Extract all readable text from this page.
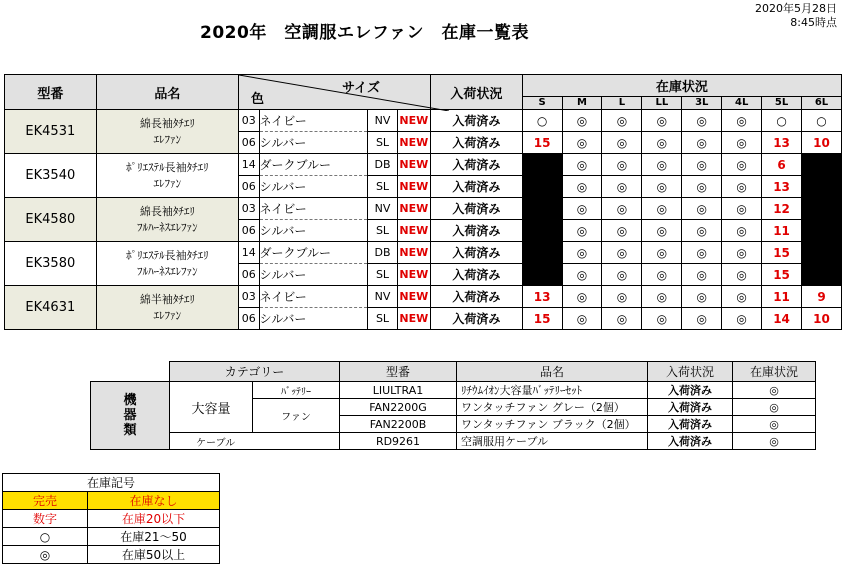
2020年5月28日
8:45時点
2020年　空調服エレファン　在庫一覧表
型番	品名	サイズ
色				入荷状況	在庫状況							
							S	M	L	LL	3L	4L	5L	6L
EK4531	綿長袖ﾀﾁｴﾘ
ｴﾚﾌｧﾝ	03	ネイビー	NV	NEW	入荷済み	○	◎	◎	◎	◎	◎	○	○
		06	シルバー	SL	NEW	入荷済み	15	◎	◎	◎	◎	◎	13	10
EK3540	ﾎﾟﾘｴｽﾃﾙ長袖ﾀﾁｴﾘ
ｴﾚﾌｧﾝ	14	ダークブルー	DB	NEW	入荷済み		◎	◎	◎	◎	◎	6	
		06	シルバー	SL	NEW	入荷済み		◎	◎	◎	◎	◎	13	
EK4580	綿長袖ﾀﾁｴﾘ
ﾌﾙﾊｰﾈｽｴﾚﾌｧﾝ	03	ネイビー	NV	NEW	入荷済み		◎	◎	◎	◎	◎	12	
		06	シルバー	SL	NEW	入荷済み		◎	◎	◎	◎	◎	11	
EK3580	ﾎﾟﾘｴｽﾃﾙ長袖ﾀﾁｴﾘ
ﾌﾙﾊｰﾈｽｴﾚﾌｧﾝ	14	ダークブルー	DB	NEW	入荷済み		◎	◎	◎	◎	◎	15	
		06	シルバー	SL	NEW	入荷済み		◎	◎	◎	◎	◎	15	
EK4631	綿半袖ﾀﾁｴﾘ
ｴﾚﾌｧﾝ	03	ネイビー	NV	NEW	入荷済み	13	◎	◎	◎	◎	◎	11	9
		06	シルバー	SL	NEW	入荷済み	15	◎	◎	◎	◎	◎	14	10
	カテゴリー		型番	品名	入荷状況	在庫状況

機
器
類	大容量	ﾊﾞｯﾃﾘｰ	LIULTRA1	ﾘﾁｳﾑｲｵﾝ大容量ﾊﾞｯﾃﾘｰｾｯﾄ	入荷済み	◎
		ファン	FAN2200G	ワンタッチファン グレー（2個）	入荷済み	◎
			FAN2200B	ワンタッチファン ブラック（2個）	入荷済み	◎
	ケーブル		RD9261	空調服用ケーブル	入荷済み	◎
在庫記号	
完売	在庫なし
数字	在庫20以下
○	在庫21～50
◎	在庫50以上
